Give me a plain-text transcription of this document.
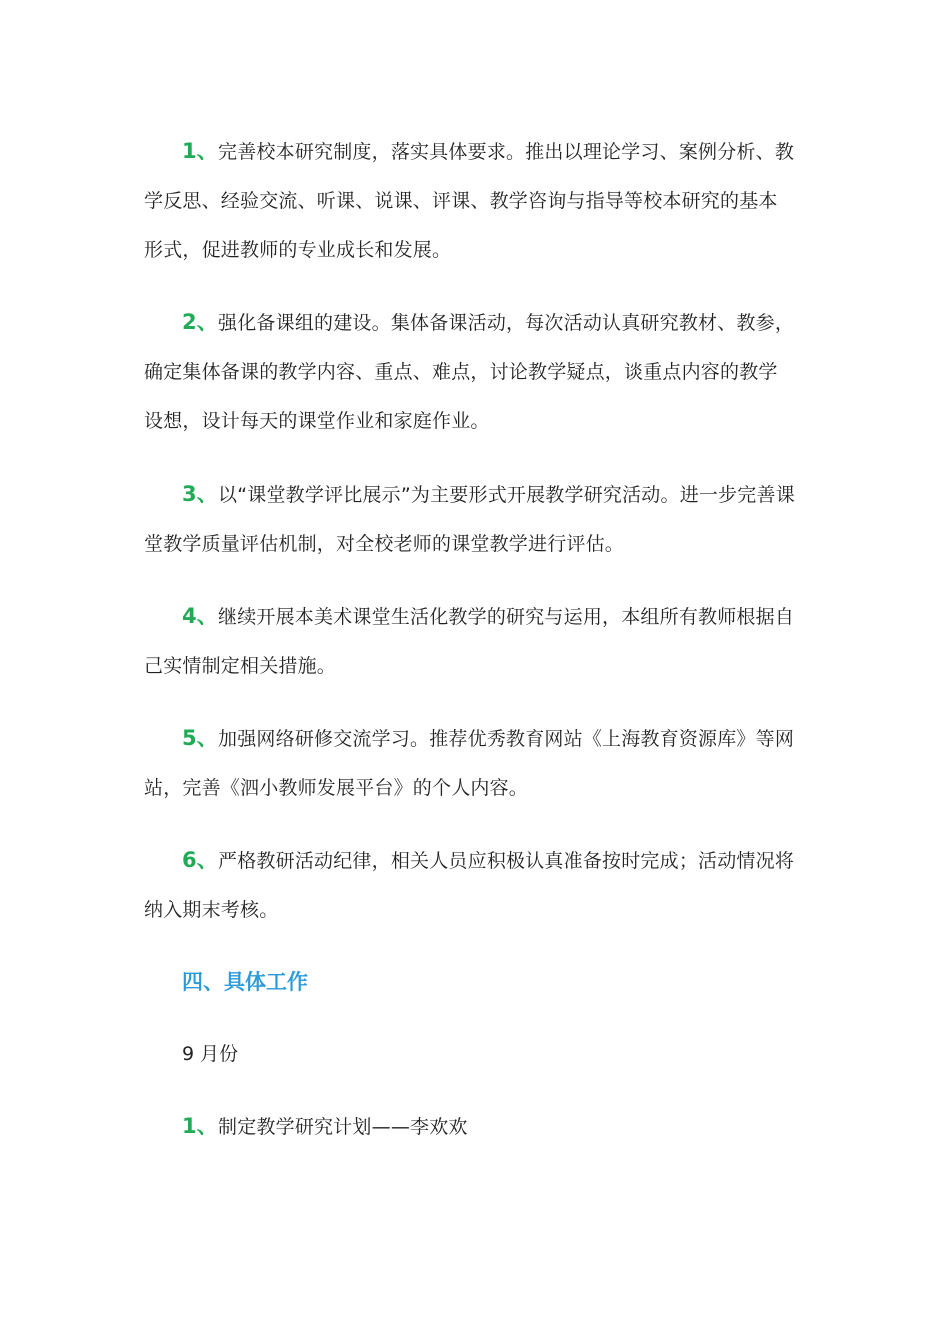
1、完善校本研究制度，落实具体要求。推出以理论学习、案例分析、教学反思、经验交流、听课、说课、评课、教学咨询与指导等校本研究的基本形式，促进教师的专业成长和发展。

2、强化备课组的建设。集体备课活动，每次活动认真研究教材、教参，确定集体备课的教学内容、重点、难点，讨论教学疑点，谈重点内容的教学设想，设计每天的课堂作业和家庭作业。

3、以“课堂教学评比展示”为主要形式开展教学研究活动。进一步完善课堂教学质量评估机制，对全校老师的课堂教学进行评估。

4、继续开展本美术课堂生活化教学的研究与运用，本组所有教师根据自己实情制定相关措施。

5、加强网络研修交流学习。推荐优秀教育网站《上海教育资源库》等网站，完善《泗小教师发展平台》的个人内容。

6、严格教研活动纪律，相关人员应积极认真准备按时完成；活动情况将纳入期末考核。

四、具体工作

9 月份

1、制定教学研究计划——李欢欢
